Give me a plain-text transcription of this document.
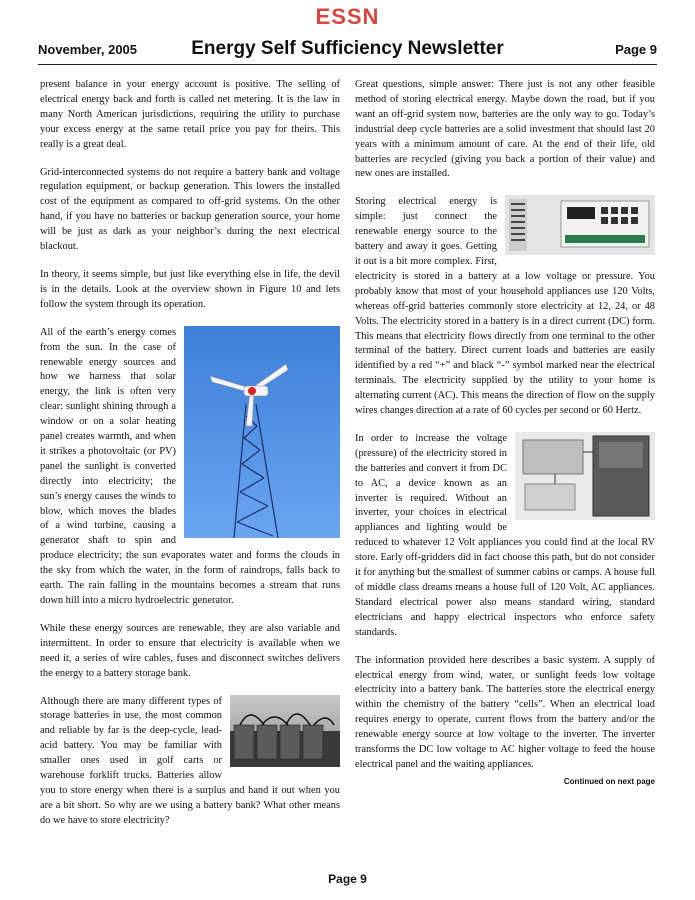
ESSN
November, 2005	Energy Self Sufficiency Newsletter	Page 9

present balance in your energy account is positive. The selling of electrical energy back and forth is called net metering. It is the law in many North American jurisdictions, requiring the utility to purchase your excess energy at the same retail price you pay for theirs. This really is a great deal.

Grid-interconnected systems do not require a battery bank and voltage regulation equipment, or backup generation. This lowers the installed cost of the equipment as compared to off-grid systems. On the other hand, if you have no batteries or backup generation source, your home will be just as dark as your neighbor’s during the next electrical blackout.

In theory, it seems simple, but just like everything else in life, the devil is in the details. Look at the overview shown in Figure 10 and lets follow the system through its operation.

All of the earth’s energy comes from the sun. In the case of renewable energy sources and how we harness that solar energy, the link is often very clear: sunlight shining through a window or on a solar heating panel creates warmth, and when it strikes a photovoltaic (or PV) panel the sunlight is converted directly into electricity; the sun’s energy causes the winds to blow, which moves the blades of a wind turbine, causing a generator shaft to spin and produce electricity; the sun evaporates water and forms the clouds in the sky from which the water, in the form of raindrops, falls back to earth. The rain falling in the mountains becomes a stream that runs down hill into a micro hydroelectric generator.

While these energy sources are renewable, they are also variable and intermittent. In order to ensure that electricity is available when we need it, a series of wire cables, fuses and disconnect switches delivers the energy to a battery storage bank.

Although there are many different types of storage batteries in use, the most common and reliable by far is the deep-cycle, lead-acid battery. You may be familiar with smaller ones used in golf carts or warehouse forklift trucks. Batteries allow you to store energy when there is a surplus and hand it out when you are a bit short. So why are we using a battery bank? What other means do we have to store electricity?

Great questions, simple answer: There just is not any other feasible method of storing electrical energy. Maybe down the road, but if you want an off-grid system now, batteries are the only way to go. Today’s industrial deep cycle batteries are a solid investment that should last 20 years with a minimum amount of care. At the end of their life, old batteries are recycled (giving you back a portion of their value) and new ones are installed.

Storing electrical energy is simple: just connect the renewable energy source to the battery and away it goes. Getting it out is a bit more complex. First, electricity is stored in a battery at a low voltage or pressure. You probably know that most of your household appliances use 120 Volts, whereas off-grid batteries commonly store electricity at 12, 24, or 48 Volts. The electricity stored in a battery is in a direct current (DC) form. This means that electricity flows directly from one terminal to the other terminal of the battery. Direct current loads and batteries are easily identified by a red “+” and black “-” symbol marked near the electrical terminals. The electricity supplied by the utility to your home is alternating current (AC). This means the direction of flow on the supply wires changes direction at a rate of 60 cycles per second or 60 Hertz.

In order to increase the voltage (pressure) of the electricity stored in the batteries and convert it from DC to AC, a device known as an inverter is required. Without an inverter, your choices in electrical appliances and lighting would be reduced to whatever 12 Volt appliances you could find at the local RV store. Early off-gridders did in fact choose this path, but do not consider it for anything but the smallest of summer cabins or camps. A house full of middle class dreams means a house full of 120 Volt, AC appliances. Standard electrical power also means standard wiring, standard electricians and happy electrical inspectors who enforce safety standards.

The information provided here describes a basic system. A supply of electrical energy from wind, water, or sunlight feeds low voltage electricity into a battery bank. The batteries store the electrical energy within the chemistry of the battery “cells”. When an electrical load requires energy to operate, current flows from the battery and/or the renewable energy source at low voltage to the inverter. The inverter transforms the DC low voltage to AC higher voltage to feed the house electrical panel and the waiting appliances.

Continued on next page
Page 9
